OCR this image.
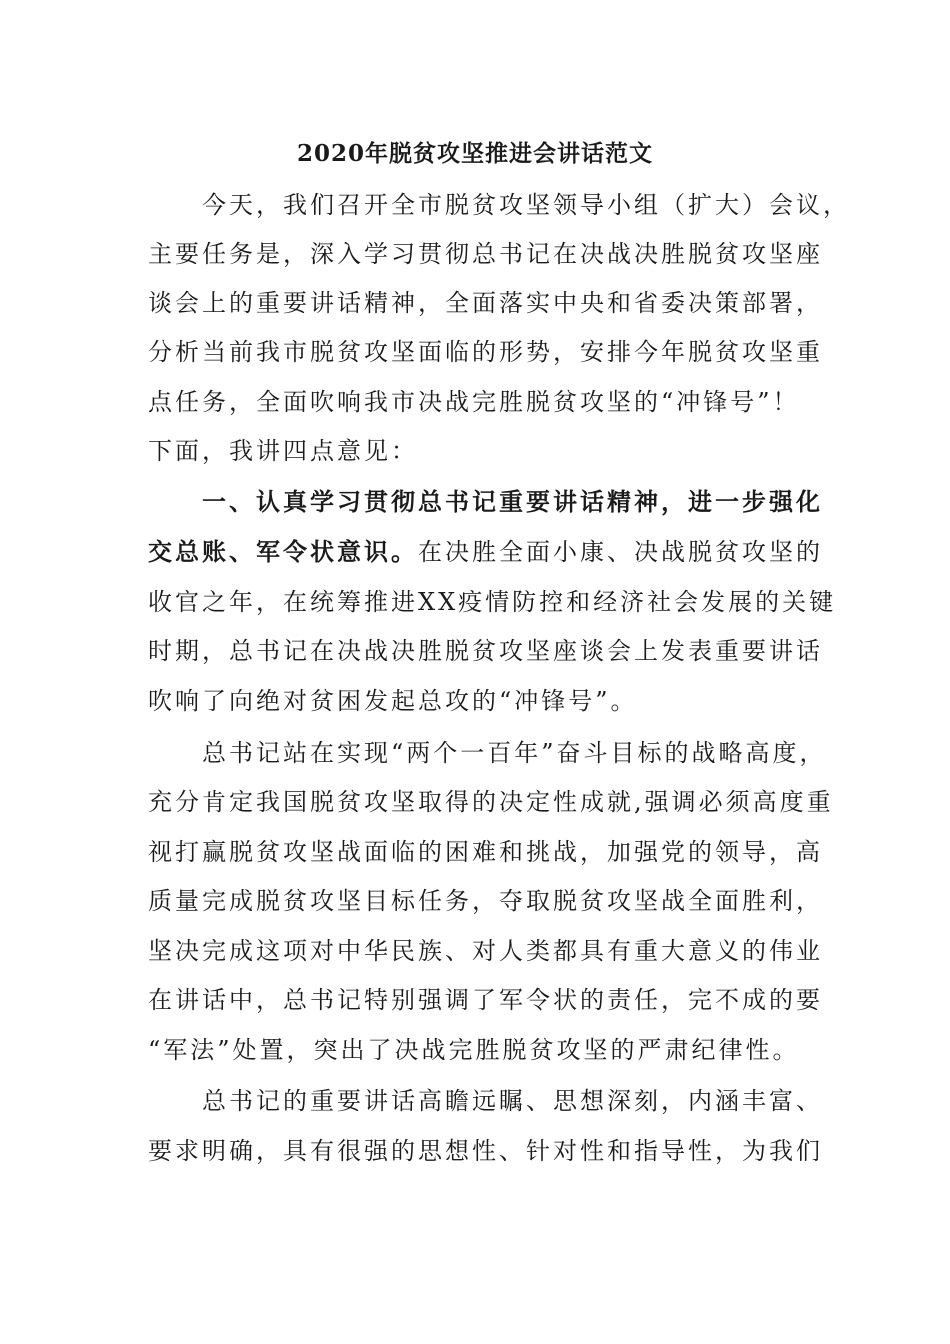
2020年脱贫攻坚推进会讲话范文
　　今天，我们召开全市脱贫攻坚领导小组（扩大）会议，
主要任务是，深入学习贯彻总书记在决战决胜脱贫攻坚座
谈会上的重要讲话精神，全面落实中央和省委决策部署，
分析当前我市脱贫攻坚面临的形势，安排今年脱贫攻坚重
点任务，全面吹响我市决战完胜脱贫攻坚的“冲锋号”！
下面，我讲四点意见：
　　一、认真学习贯彻总书记重要讲话精神，进一步强化
交总账、军令状意识。在决胜全面小康、决战脱贫攻坚的
收官之年，在统筹推进XX疫情防控和经济社会发展的关键
时期，总书记在决战决胜脱贫攻坚座谈会上发表重要讲话
吹响了向绝对贫困发起总攻的“冲锋号”。
　　总书记站在实现“两个一百年”奋斗目标的战略高度，
充分肯定我国脱贫攻坚取得的决定性成就,强调必须高度重
视打赢脱贫攻坚战面临的困难和挑战，加强党的领导，高
质量完成脱贫攻坚目标任务，夺取脱贫攻坚战全面胜利，
坚决完成这项对中华民族、对人类都具有重大意义的伟业
在讲话中，总书记特别强调了军令状的责任，完不成的要
“军法”处置，突出了决战完胜脱贫攻坚的严肃纪律性。
　　总书记的重要讲话高瞻远瞩、思想深刻，内涵丰富、
要求明确，具有很强的思想性、针对性和指导性，为我们
